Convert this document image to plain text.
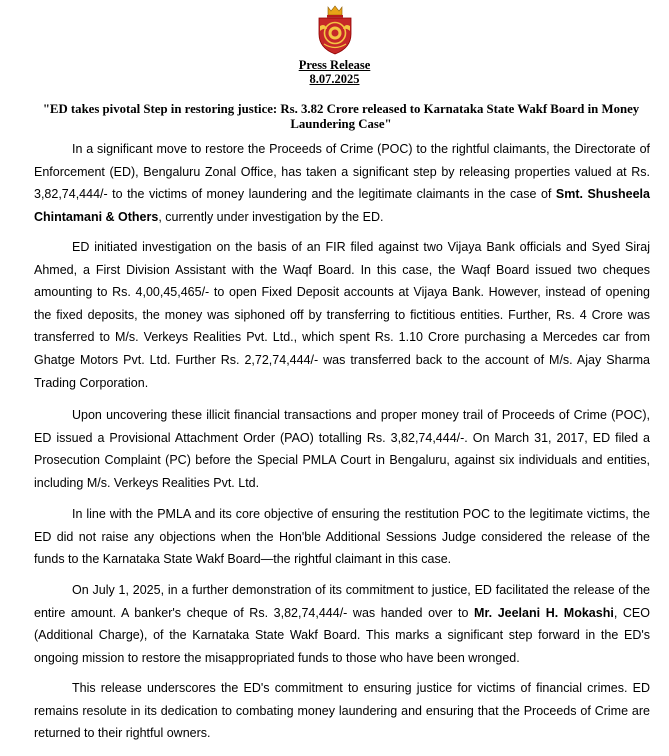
Press Release
8.07.2025
"ED takes pivotal Step in restoring justice: Rs. 3.82 Crore released to Karnataka State Wakf Board in Money Laundering Case"

In a significant move to restore the Proceeds of Crime (POC) to the rightful claimants, the Directorate of Enforcement (ED), Bengaluru Zonal Office, has taken a significant step by releasing properties valued at Rs. 3,82,74,444/- to the victims of money laundering and the legitimate claimants in the case of Smt. Shusheela Chintamani & Others, currently under investigation by the ED.

ED initiated investigation on the basis of an FIR filed against two Vijaya Bank officials and Syed Siraj Ahmed, a First Division Assistant with the Waqf Board. In this case, the Waqf Board issued two cheques amounting to Rs. 4,00,45,465/- to open Fixed Deposit accounts at Vijaya Bank. However, instead of opening the fixed deposits, the money was siphoned off by transferring to fictitious entities. Further, Rs. 4 Crore was transferred to M/s. Verkeys Realities Pvt. Ltd., which spent Rs. 1.10 Crore purchasing a Mercedes car from Ghatge Motors Pvt. Ltd. Further Rs. 2,72,74,444/- was transferred back to the account of M/s. Ajay Sharma Trading Corporation.

Upon uncovering these illicit financial transactions and proper money trail of Proceeds of Crime (POC), ED issued a Provisional Attachment Order (PAO) totalling Rs. 3,82,74,444/-. On March 31, 2017, ED filed a Prosecution Complaint (PC) before the Special PMLA Court in Bengaluru, against six individuals and entities, including M/s. Verkeys Realities Pvt. Ltd.

In line with the PMLA and its core objective of ensuring the restitution POC to the legitimate victims, the ED did not raise any objections when the Hon'ble Additional Sessions Judge considered the release of the funds to the Karnataka State Wakf Board—the rightful claimant in this case.

On July 1, 2025, in a further demonstration of its commitment to justice, ED facilitated the release of the entire amount. A banker's cheque of Rs. 3,82,74,444/- was handed over to Mr. Jeelani H. Mokashi, CEO (Additional Charge), of the Karnataka State Wakf Board. This marks a significant step forward in the ED's ongoing mission to restore the misappropriated funds to those who have been wronged.

This release underscores the ED's commitment to ensuring justice for victims of financial crimes. ED remains resolute in its dedication to combating money laundering and ensuring that the Proceeds of Crime are returned to their rightful owners.
